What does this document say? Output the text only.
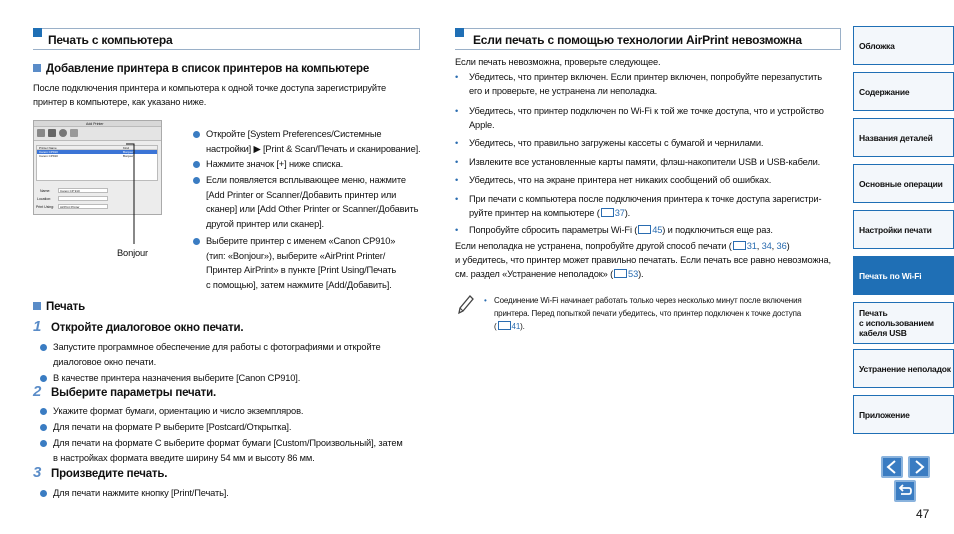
Печать с компьютера
Добавление принтера в список принтеров на компьютере
После подключения принтера и компьютера к одной точке доступа зарегистрируйте
принтер в компьютере, как указано ниже.
Add Printer
Printer Name	Kind
Canon CP910	Bonjour
Canon CP910	Bonjour
Name:	Canon CP 910
Location:
Print Using:	AirPrint Printer
Bonjour
Откройте [System Preferences/Системные
настройки] ▶ [Print & Scan/Печать и сканирование].
Нажмите значок [+] ниже списка.
Если появляется всплывающее меню, нажмите
[Add Printer or Scanner/Добавить принтер или
сканер] или [Add Other Printer or Scanner/Добавить
другой принтер или сканер].
Выберите принтер с именем «Canon CP910»
(тип: «Bonjour»), выберите «AirPrint Printer/
Принтер AirPrint» в пункте [Print Using/Печать
с помощью], затем нажмите [Add/Добавить].
Печать
1 Откройте диалоговое окно печати.
Запустите программное обеспечение для работы с фотографиями и откройте
диалоговое окно печати.
В качестве принтера назначения выберите [Canon CP910].
2 Выберите параметры печати.
Укажите формат бумаги, ориентацию и число экземпляров.
Для печати на формате P выберите [Postcard/Открытка].
Для печати на формате C выберите формат бумаги [Custom/Произвольный], затем
в настройках формата введите ширину 54 мм и высоту 86 мм.
3 Произведите печать.
Для печати нажмите кнопку [Print/Печать].
Если печать с помощью технологии AirPrint невозможна
Если печать невозможна, проверьте следующее.
• Убедитесь, что принтер включен. Если принтер включен, попробуйте перезапустить
его и проверьте, не устранена ли неполадка.
• Убедитесь, что принтер подключен по Wi-Fi к той же точке доступа, что и устройство
Apple.
• Убедитесь, что правильно загружены кассеты с бумагой и чернилами.
• Извлеките все установленные карты памяти, флэш-накопители USB и USB-кабели.
• Убедитесь, что на экране принтера нет никаких сообщений об ошибках.
• При печати с компьютера после подключения принтера к точке доступа зарегистри-
руйте принтер на компьютере ( 37).
• Попробуйте сбросить параметры Wi-Fi ( 45) и подключиться еще раз.
Если неполадка не устранена, попробуйте другой способ печати ( 31, 34, 36)
и убедитесь, что принтер может правильно печатать. Если печать все равно невозможна,
см. раздел «Устранение неполадок» ( 53).
• Соединение Wi-Fi начинает работать только через несколько минут после включения
принтера. Перед попыткой печати убедитесь, что принтер подключен к точке доступа
( 41).
Обложка
Содержание
Названия деталей
Основные операции
Настройки печати
Печать по Wi-Fi
Печать
с использованием
кабеля USB
Устранение неполадок
Приложение
47
